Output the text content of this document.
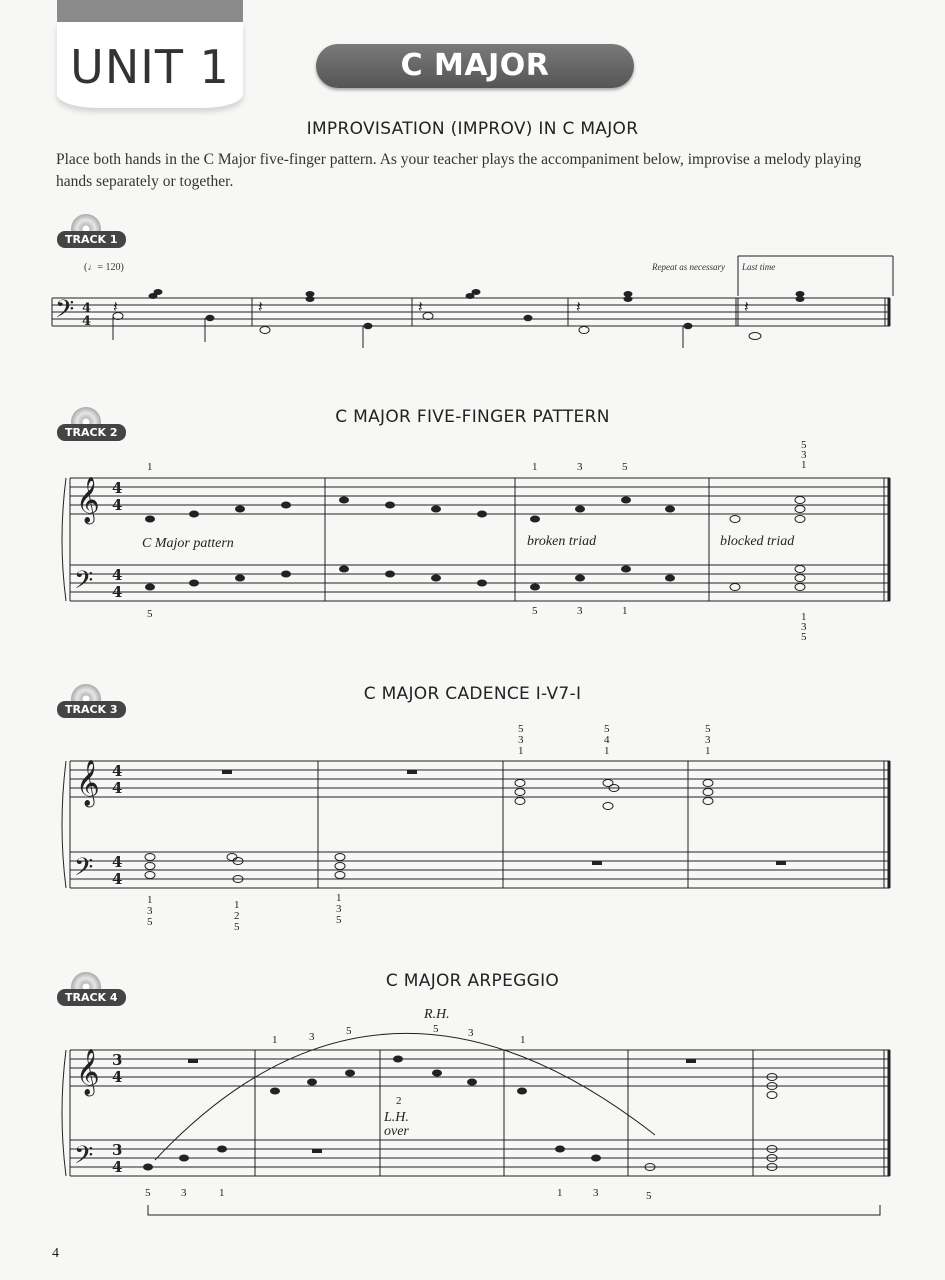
UNIT 1	C MAJOR
IMPROVISATION (IMPROV) IN C MAJOR
Place both hands in the C Major five-finger pattern. As your teacher plays the accompaniment below, improvise a melody playing hands separately or together.
TRACK 1
TRACK 2
TRACK 3
TRACK 4
C MAJOR FIVE-FINGER PATTERN
C MAJOR CADENCE I-V7-I
C MAJOR ARPEGGIO
𝄢 4
4
𝄽	𝄽	𝄽	𝄽	𝄽
(♩= 120)	Repeat as necessary Last time
𝄞 4
4
𝄢 4
4
1
5
1	3	5
5	3	1
5
3
1
1
3
5
C Major pattern	broken triad	blocked triad
𝄞 4
4
𝄢 4
4
1
3
5
1
2
5
1
3
5
5
3
1
5
4
1
5
3
1
𝄞 3
4
𝄢 3
4
1	3	5	5	3
1
2
5	3	1	1	3	5
R.H.
L.H.
over
4
